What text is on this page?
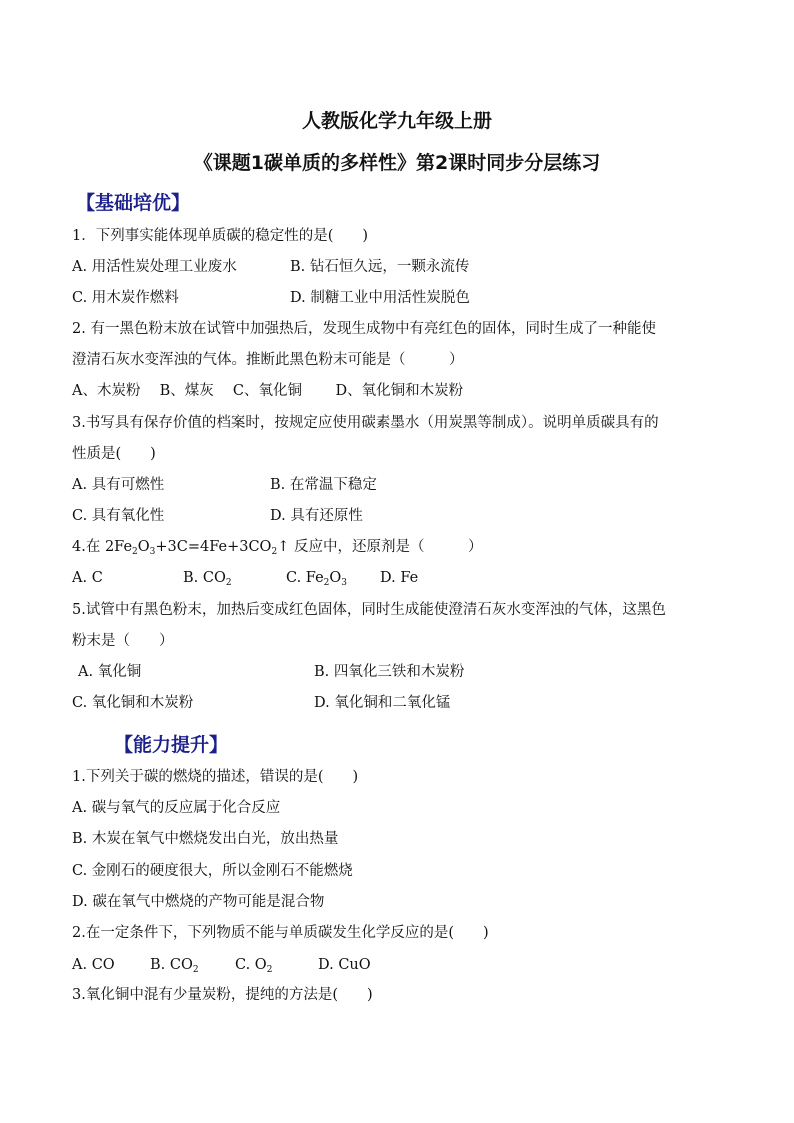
人教版化学九年级上册
《课题1碳单质的多样性》第2课时同步分层练习
【基础培优】
1．下列事实能体现单质碳的稳定性的是(　　)
A. 用活性炭处理工业废水	B. 钻石恒久远，一颗永流传
C. 用木炭作燃料	D. 制糖工业中用活性炭脱色
2. 有一黑色粉末放在试管中加强热后，发现生成物中有亮红色的固体，同时生成了一种能使
澄清石灰水变浑浊的气体。推断此黑色粉末可能是（　　　）
A、木炭粉　 B、煤灰　 C、氧化铜　　 D、氧化铜和木炭粉
3.书写具有保存价值的档案时，按规定应使用碳素墨水（用炭黑等制成）。说明单质碳具有的
性质是(　　)
A. 具有可燃性	B. 在常温下稳定
C. 具有氧化性	D. 具有还原性
4.在 $2Fe_2O_3+3C=4Fe+3CO_2↑$ 反应中，还原剂是（　　　）
A. C	B. $CO_2$	C. $Fe_2O_3$ D. Fe
5.试管中有黑色粉末，加热后变成红色固体，同时生成能使澄清石灰水变浑浊的气体，这黑色
粉末是（　　）
A. 氧化铜	B. 四氧化三铁和木炭粉
C. 氧化铜和木炭粉	D. 氧化铜和二氧化锰
【能力提升】
1.下列关于碳的燃烧的描述，错误的是(　　)
A. 碳与氧气的反应属于化合反应
B. 木炭在氧气中燃烧发出白光，放出热量
C. 金刚石的硬度很大，所以金刚石不能燃烧
D. 碳在氧气中燃烧的产物可能是混合物
2.在一定条件下，下列物质不能与单质碳发生化学反应的是(　　)
A. CO B. $CO_2$	C. $O_2$	D. CuO
3.氧化铜中混有少量炭粉，提纯的方法是(　　)
